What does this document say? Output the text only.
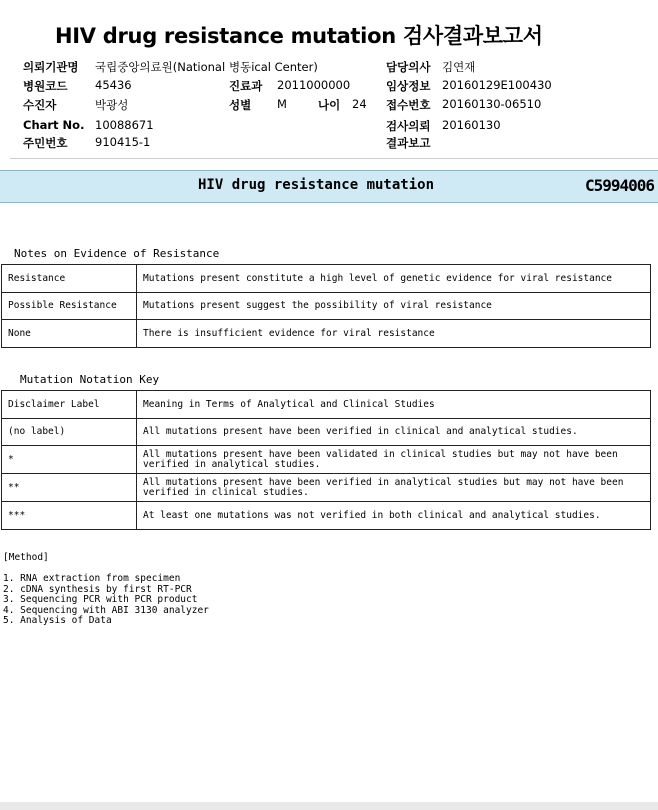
HIV drug resistance mutation 검사결과보고서
의뢰기관명 국립중앙의료원(National 병동ical Center)
병원코드 45436	진료과 2011000000
수진자	박광성	성별 M	나이 24
Chart No. 10088671
주민번호 910415-1
담당의사 김연재
임상정보 20160129E100430
접수번호 20160130-06510
검사의뢰 20160130
결과보고
HIV drug resistance mutation	C5994006
Notes on Evidence of Resistance
Resistance	Mutations present constitute a high level of genetic evidence for viral resistance
Possible Resistance	Mutations present suggest the possibility of viral resistance
None	There is insufficient evidence for viral resistance
Mutation Notation Key
Disclaimer Label	Meaning in Terms of Analytical and Clinical Studies
(no label)	All mutations present have been verified in clinical and analytical studies.
*	All mutations present have been validated in clinical studies but may not have been verified in analytical studies.
**	All mutations present have been verified in analytical studies but may not have been verified in clinical studies.
***	At least one mutations was not verified in both clinical and analytical studies.
[Method]
1. RNA extraction from specimen
2. cDNA synthesis by first RT-PCR
3. Sequencing PCR with PCR product
4. Sequencing with ABI 3130 analyzer
5. Analysis of Data
